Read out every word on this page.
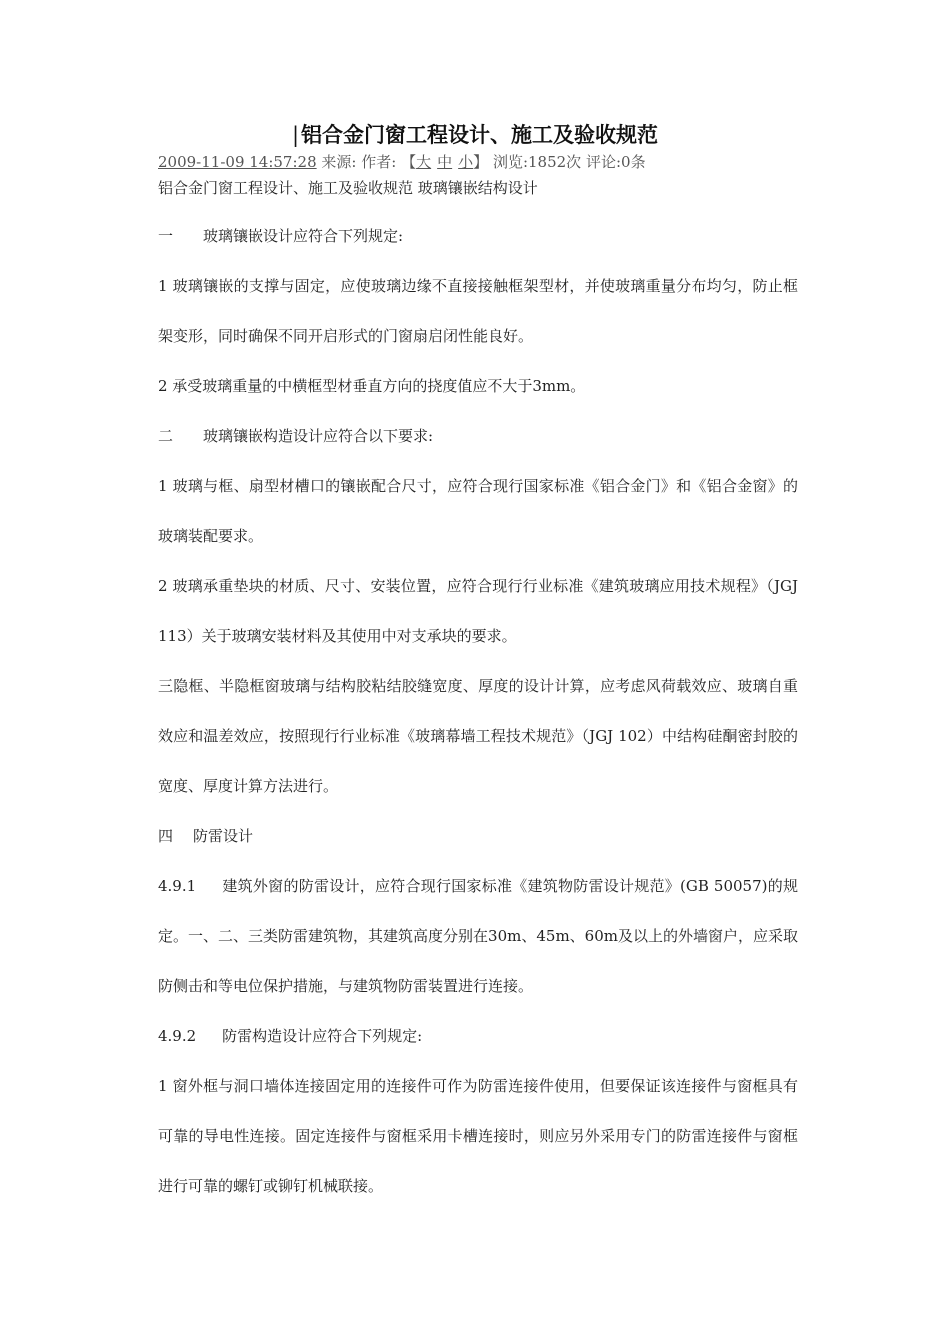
|铝合金门窗工程设计、施工及验收规范
2009-11-09 14:57:28 来源: 作者: 【大 中 小】 浏览:1852次 评论:0条
铝合金门窗工程设计、施工及验收规范 玻璃镶嵌结构设计

一 玻璃镶嵌设计应符合下列规定:

1 玻璃镶嵌的支撑与固定，应使玻璃边缘不直接接触框架型材，并使玻璃重量分布均匀，防止框架变形，同时确保不同开启形式的门窗扇启闭性能良好。

2 承受玻璃重量的中横框型材垂直方向的挠度值应不大于3mm。

二 玻璃镶嵌构造设计应符合以下要求:

1 玻璃与框、扇型材槽口的镶嵌配合尺寸，应符合现行国家标准《铝合金门》和《铝合金窗》的玻璃装配要求。

2 玻璃承重垫块的材质、尺寸、安装位置，应符合现行行业标准《建筑玻璃应用技术规程》（JGJ 113）关于玻璃安装材料及其使用中对支承块的要求。

三隐框、半隐框窗玻璃与结构胶粘结胶缝宽度、厚度的设计计算，应考虑风荷载效应、玻璃自重效应和温差效应，按照现行行业标准《玻璃幕墙工程技术规范》（JGJ 102）中结构硅酮密封胶的宽度、厚度计算方法进行。

四 防雷设计

4.9.1 建筑外窗的防雷设计，应符合现行国家标准《建筑物防雷设计规范》(GB 50057)的规定。一、二、三类防雷建筑物，其建筑高度分别在30m、45m、60m及以上的外墙窗户，应采取防侧击和等电位保护措施，与建筑物防雷装置进行连接。

4.9.2 防雷构造设计应符合下列规定:

1 窗外框与洞口墙体连接固定用的连接件可作为防雷连接件使用，但要保证该连接件与窗框具有可靠的导电性连接。固定连接件与窗框采用卡槽连接时，则应另外采用专门的防雷连接件与窗框进行可靠的螺钉或铆钉机械联接。
